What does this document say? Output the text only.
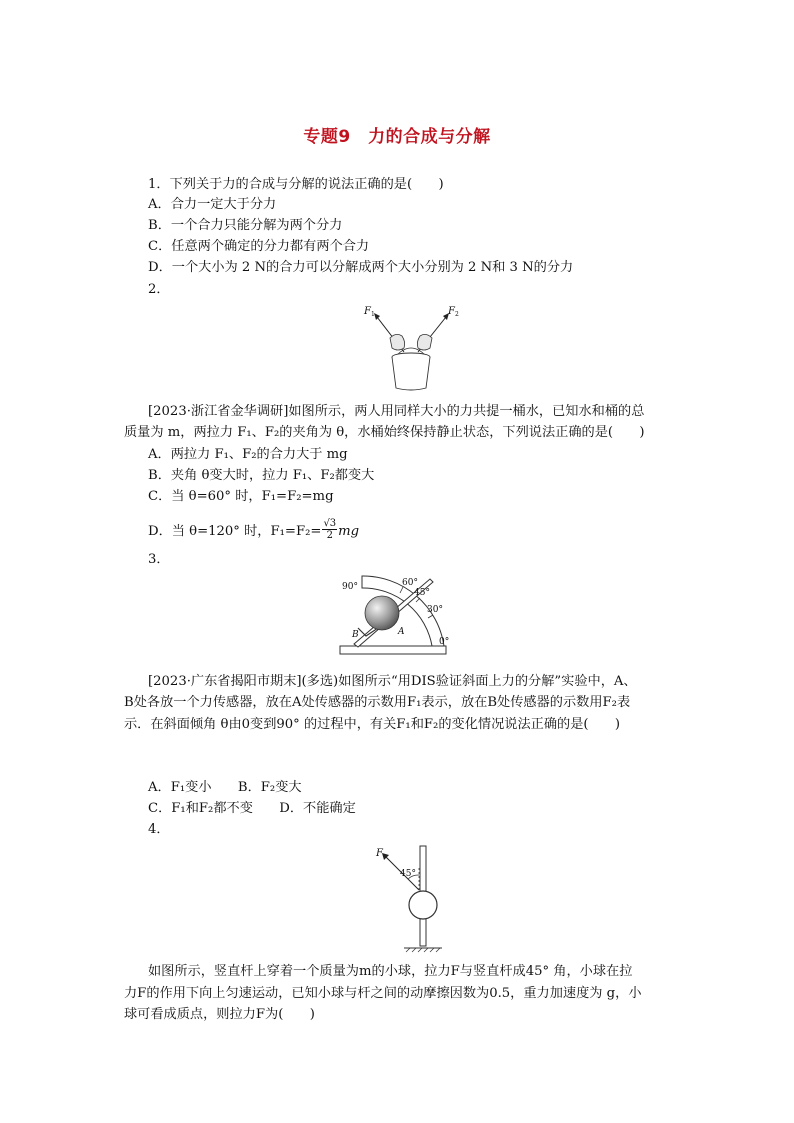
专题9　力的合成与分解
1．下列关于力的合成与分解的说法正确的是(　　)
A．合力一定大于分力
B．一个合力只能分解为两个分力
C．任意两个确定的分力都有两个合力
D．一个大小为 2 N的合力可以分解成两个大小分别为 2 N和 3 N的分力
2．
F 1	F 2
[2023·浙江省金华调研]如图所示，两人用同样大小的力共提一桶水，已知水和桶的总
质量为 m，两拉力 F₁、F₂的夹角为 θ，水桶始终保持静止状态，下列说法正确的是(　　)
A．两拉力 F₁、F₂的合力大于 mg
B．夹角 θ变大时，拉力 F₁、F₂都变大
C．当 θ=60° 时，F₁=F₂=mg
D．当 θ=120° 时，$F_1=F_2= \frac{√3}{2}$ mg
3．
90°	60°
45°
30°
0°
B	A
[2023·广东省揭阳市期末](多选)如图所示“用DIS验证斜面上力的分解”实验中，A、
B处各放一个力传感器，放在A处传感器的示数用F₁表示，放在B处传感器的示数用F₂表
示．在斜面倾角 θ由0变到90° 的过程中，有关F₁和F₂的变化情况说法正确的是(　　)
A．F₁变小　　B．F₂变大
C．F₁和F₂都不变　　D．不能确定
4．
F
45°
如图所示，竖直杆上穿着一个质量为m的小球，拉力F与竖直杆成45° 角，小球在拉
力F的作用下向上匀速运动，已知小球与杆之间的动摩擦因数为0.5，重力加速度为 g，小
球可看成质点，则拉力F为(　　)
